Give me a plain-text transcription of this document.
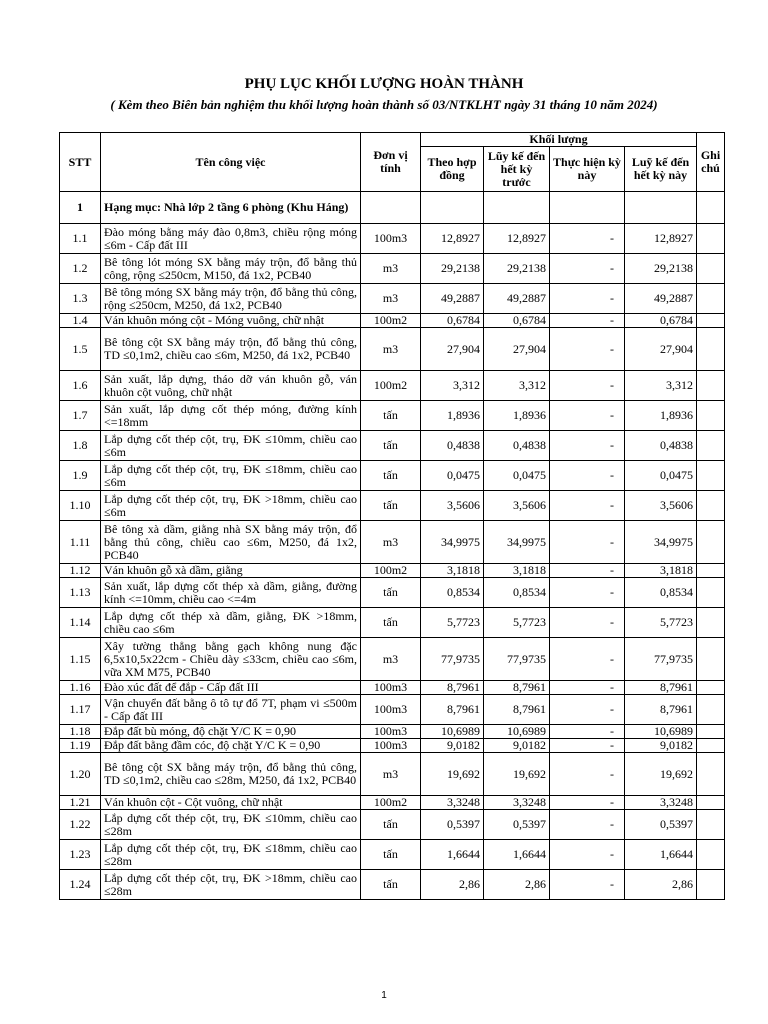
PHỤ LỤC KHỐI LƯỢNG HOÀN THÀNH

( Kèm theo Biên bản nghiệm thu khối lượng hoàn thành số 03/NTKLHT ngày 31 tháng 10 năm 2024)

STT	Tên công việc	Đơn vị tính	Khối lượng				Ghi chú
			Theo hợp đồng	Lũy kế đến hết kỳ trước	Thực hiện kỳ này	Luỹ kế đến hết kỳ này	
1	Hạng mục: Nhà lớp 2 tầng 6 phòng (Khu Háng)						
1.1	Đào móng bằng máy đào 0,8m3, chiều rộng móng ≤6m - Cấp đất III	100m3	12,8927	12,8927	-	12,8927	
1.2	Bê tông lót móng SX bằng máy trộn, đổ bằng thủ công, rộng ≤250cm, M150, đá 1x2, PCB40	m3	29,2138	29,2138	-	29,2138	
1.3	Bê tông móng SX bằng máy trộn, đổ bằng thủ công, rộng ≤250cm, M250, đá 1x2, PCB40	m3	49,2887	49,2887	-	49,2887	
1.4	Ván khuôn móng cột - Móng vuông, chữ nhật	100m2	0,6784	0,6784	-	0,6784	
1.5	Bê tông cột SX bằng máy trộn, đổ bằng thủ công, TD ≤0,1m2, chiều cao ≤6m, M250, đá 1x2, PCB40	m3	27,904	27,904	-	27,904	
1.6	Sản xuất, lắp dựng, tháo dỡ ván khuôn gỗ, ván khuôn cột vuông, chữ nhật	100m2	3,312	3,312	-	3,312	
1.7	Sản xuất, lắp dựng cốt thép móng, đường kính <=18mm	tấn	1,8936	1,8936	-	1,8936	
1.8	Lắp dựng cốt thép cột, trụ, ĐK ≤10mm, chiều cao ≤6m	tấn	0,4838	0,4838	-	0,4838	
1.9	Lắp dựng cốt thép cột, trụ, ĐK ≤18mm, chiều cao ≤6m	tấn	0,0475	0,0475	-	0,0475	
1.10	Lắp dựng cốt thép cột, trụ, ĐK >18mm, chiều cao ≤6m	tấn	3,5606	3,5606	-	3,5606	
1.11	Bê tông xà dầm, giằng nhà SX bằng máy trộn, đổ bằng thủ công, chiều cao ≤6m, M250, đá 1x2, PCB40	m3	34,9975	34,9975	-	34,9975	
1.12	Ván khuôn gỗ xà dầm, giằng	100m2	3,1818	3,1818	-	3,1818	
1.13	Sản xuất, lắp dựng cốt thép xà dầm, giằng, đường kính <=10mm, chiều cao <=4m	tấn	0,8534	0,8534	-	0,8534	
1.14	Lắp dựng cốt thép xà dầm, giằng, ĐK >18mm, chiều cao ≤6m	tấn	5,7723	5,7723	-	5,7723	
1.15	Xây tường thẳng bằng gạch không nung đặc 6,5x10,5x22cm - Chiều dày ≤33cm, chiều cao ≤6m, vữa XM M75, PCB40	m3	77,9735	77,9735	-	77,9735	
1.16	Đào xúc đất để đắp - Cấp đất III	100m3	8,7961	8,7961	-	8,7961	
1.17	Vận chuyển đất bằng ô tô tự đổ 7T, phạm vi ≤500m - Cấp đất III	100m3	8,7961	8,7961	-	8,7961	
1.18	Đắp đất bù móng, độ chặt Y/C K = 0,90	100m3	10,6989	10,6989	-	10,6989	
1.19	Đắp đất bằng đầm cóc, độ chặt Y/C K = 0,90	100m3	9,0182	9,0182	-	9,0182	
1.20	Bê tông cột SX bằng máy trộn, đổ bằng thủ công, TD ≤0,1m2, chiều cao ≤28m, M250, đá 1x2, PCB40	m3	19,692	19,692	-	19,692	
1.21	Ván khuôn cột - Cột vuông, chữ nhật	100m2	3,3248	3,3248	-	3,3248	
1.22	Lắp dựng cốt thép cột, trụ, ĐK ≤10mm, chiều cao ≤28m	tấn	0,5397	0,5397	-	0,5397	
1.23	Lắp dựng cốt thép cột, trụ, ĐK ≤18mm, chiều cao ≤28m	tấn	1,6644	1,6644	-	1,6644	
1.24	Lắp dựng cốt thép cột, trụ, ĐK >18mm, chiều cao ≤28m	tấn	2,86	2,86	-	2,86	
1
